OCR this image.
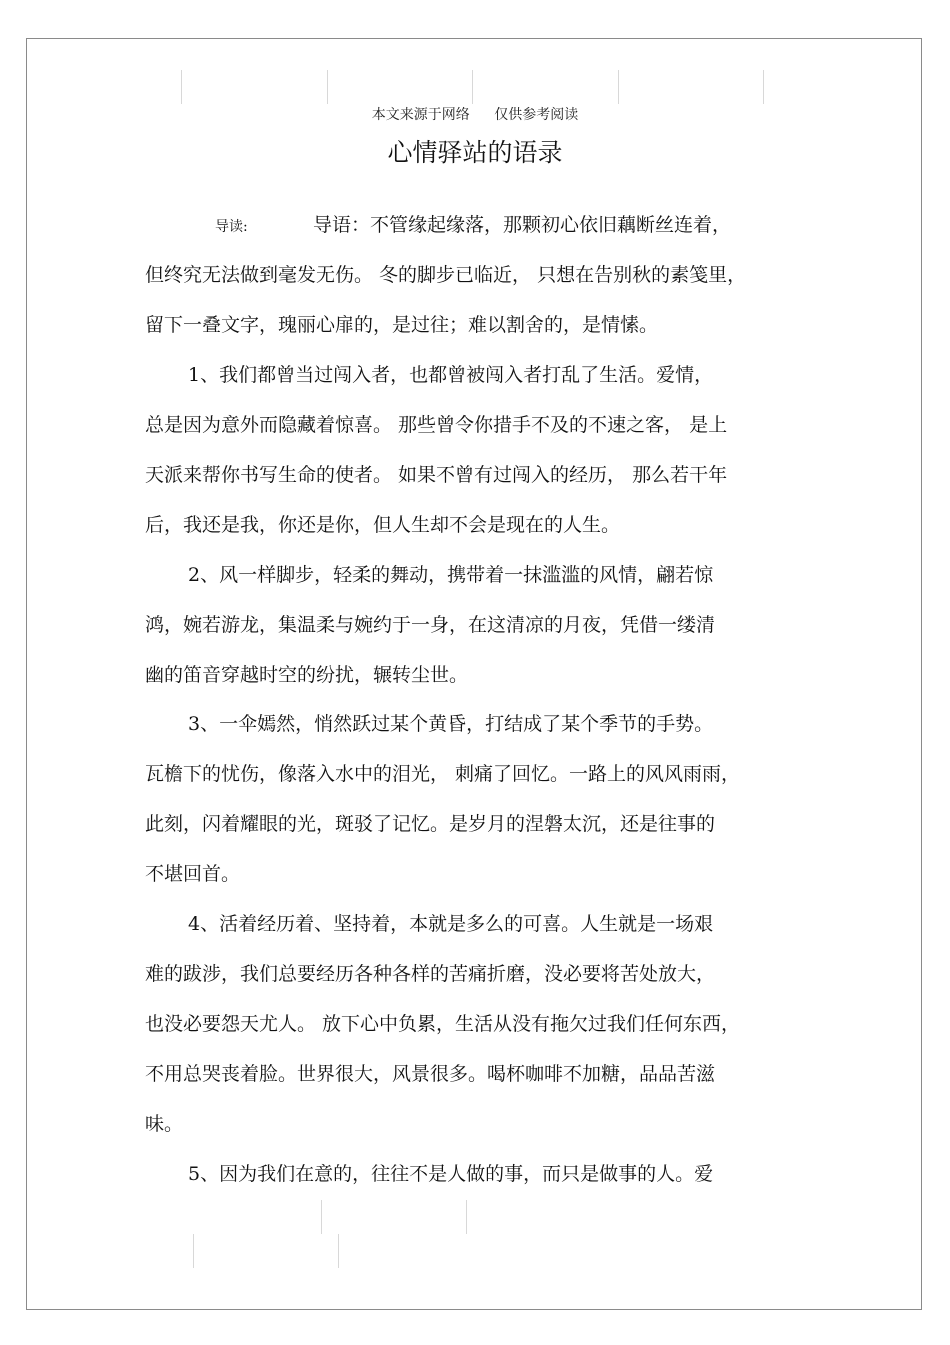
本文来源于网络 仅供参考阅读
心情驿站的语录
导读:	导语：不管缘起缘落，那颗初心依旧藕断丝连着，
但终究无法做到毫发无伤。 冬的脚步已临近， 只想在告别秋的素笺里，
留下一叠文字，瑰丽心扉的，是过往；难以割舍的，是情愫。
1、我们都曾当过闯入者，也都曾被闯入者打乱了生活。爱情，
总是因为意外而隐藏着惊喜。 那些曾令你措手不及的不速之客， 是上
天派来帮你书写生命的使者。 如果不曾有过闯入的经历， 那么若干年
后，我还是我，你还是你，但人生却不会是现在的人生。
2、风一样脚步，轻柔的舞动，携带着一抹滥滥的风情，翩若惊
鸿，婉若游龙，集温柔与婉约于一身，在这清凉的月夜，凭借一缕清
幽的笛音穿越时空的纷扰，辗转尘世。
3、一伞嫣然，悄然跃过某个黄昏，打结成了某个季节的手势。
瓦檐下的忧伤，像落入水中的泪光， 刺痛了回忆。一路上的风风雨雨，
此刻，闪着耀眼的光，斑驳了记忆。是岁月的涅磐太沉，还是往事的
不堪回首。
4、活着经历着、坚持着，本就是多么的可喜。人生就是一场艰
难的跋涉，我们总要经历各种各样的苦痛折磨，没必要将苦处放大，
也没必要怨天尤人。 放下心中负累，生活从没有拖欠过我们任何东西，
不用总哭丧着脸。世界很大，风景很多。喝杯咖啡不加糖，品品苦滋
味。
5、因为我们在意的，往往不是人做的事，而只是做事的人。爱
